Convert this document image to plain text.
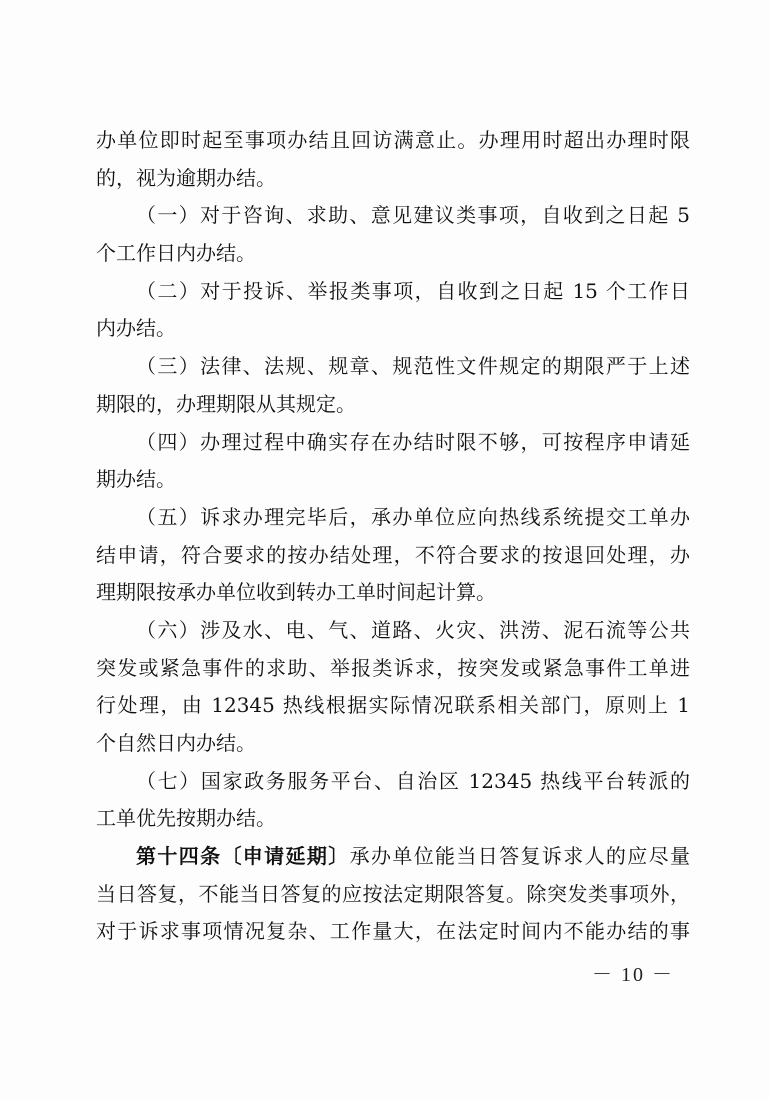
办单位即时起至事项办结且回访满意止。办理用时超出办理时限
的，视为逾期办结。
（一）对于咨询、求助、意见建议类事项，自收到之日起 5
个工作日内办结。
（二）对于投诉、举报类事项，自收到之日起 15 个工作日
内办结。
（三）法律、法规、规章、规范性文件规定的期限严于上述
期限的，办理期限从其规定。
（四）办理过程中确实存在办结时限不够，可按程序申请延
期办结。
（五）诉求办理完毕后，承办单位应向热线系统提交工单办
结申请，符合要求的按办结处理，不符合要求的按退回处理，办
理期限按承办单位收到转办工单时间起计算。
（六）涉及水、电、气、道路、火灾、洪涝、泥石流等公共
突发或紧急事件的求助、举报类诉求，按突发或紧急事件工单进
行处理，由 12345 热线根据实际情况联系相关部门，原则上 1
个自然日内办结。
（七）国家政务服务平台、自治区 12345 热线平台转派的
工单优先按期办结。
第十四条〔申请延期〕承办单位能当日答复诉求人的应尽量
当日答复，不能当日答复的应按法定期限答复。除突发类事项外，
对于诉求事项情况复杂、工作量大，在法定时间内不能办结的事
－ 10 －
